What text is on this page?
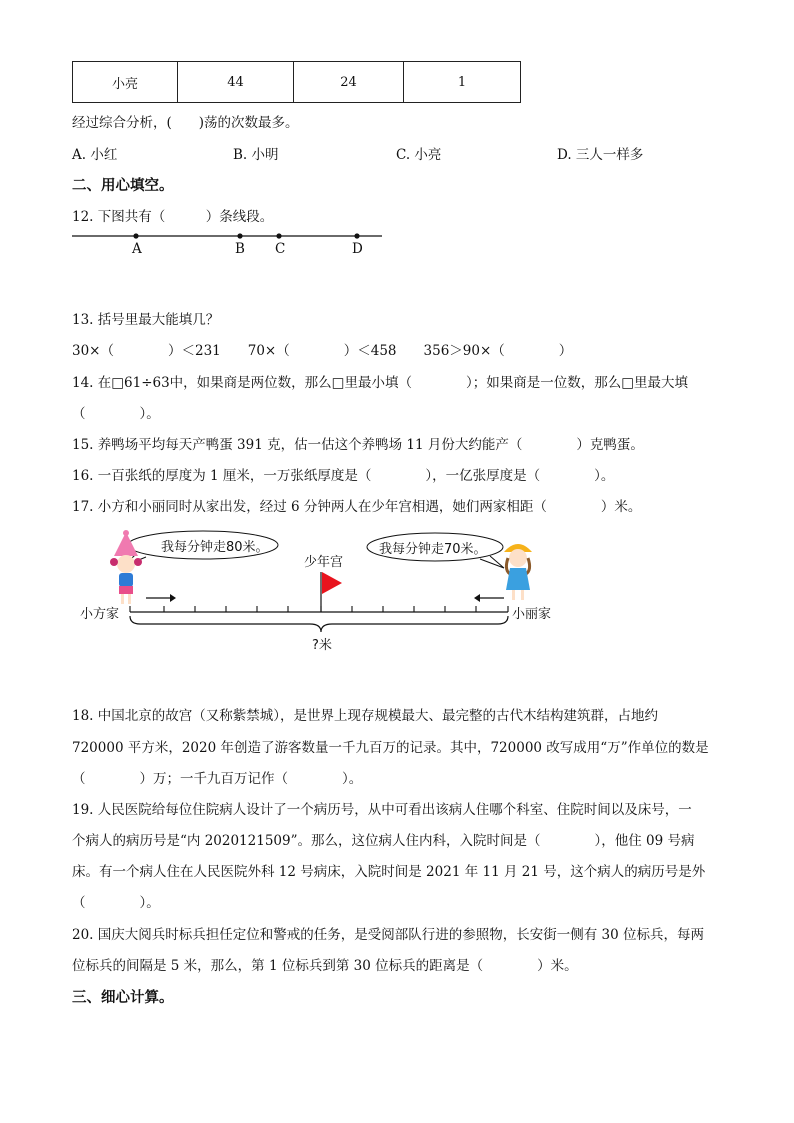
小亮	44	24	1
经过综合分析，(　　)荡的次数最多。
A. 小红	B. 小明	C. 小亮	D. 三人一样多
二、用心填空。
12. 下图共有（　　　）条线段。
A	B C	D
13. 括号里最大能填几？
30×（　　　　）＜231　　70×（　　　　）＜458　　356＞90×（　　　　）
14. 在□61÷63中，如果商是两位数，那么□里最小填（　　　　）；如果商是一位数，那么□里最大填
（　　　　）。
15. 养鸭场平均每天产鸭蛋 391 克，估一估这个养鸭场 11 月份大约能产（　　　　）克鸭蛋。
16. 一百张纸的厚度为 1 厘米，一万张纸厚度是（　　　　），一亿张厚度是（　　　　）。
17. 小方和小丽同时从家出发，经过 6 分钟两人在少年宫相遇，她们两家相距（　　　　）米。
我每分钟走80米。	我每分钟走70米。
少年宫
小方家	小丽家
?米
18. 中国北京的故宫（又称紫禁城），是世界上现存规模最大、最完整的古代木结构建筑群，占地约
720000 平方米，2020 年创造了游客数量一千九百万的记录。其中，720000 改写成用“万”作单位的数是
（　　　　）万；一千九百万记作（　　　　）。
19. 人民医院给每位住院病人设计了一个病历号，从中可看出该病人住哪个科室、住院时间以及床号，一
个病人的病历号是“内 2020121509”。那么，这位病人住内科，入院时间是（　　　　），他住 09 号病
床。有一个病人住在人民医院外科 12 号病床，入院时间是 2021 年 11 月 21 号，这个病人的病历号是外
（　　　　）。
20. 国庆大阅兵时标兵担任定位和警戒的任务，是受阅部队行进的参照物，长安街一侧有 30 位标兵，每两
位标兵的间隔是 5 米，那么，第 1 位标兵到第 30 位标兵的距离是（　　　　）米。
三、细心计算。
